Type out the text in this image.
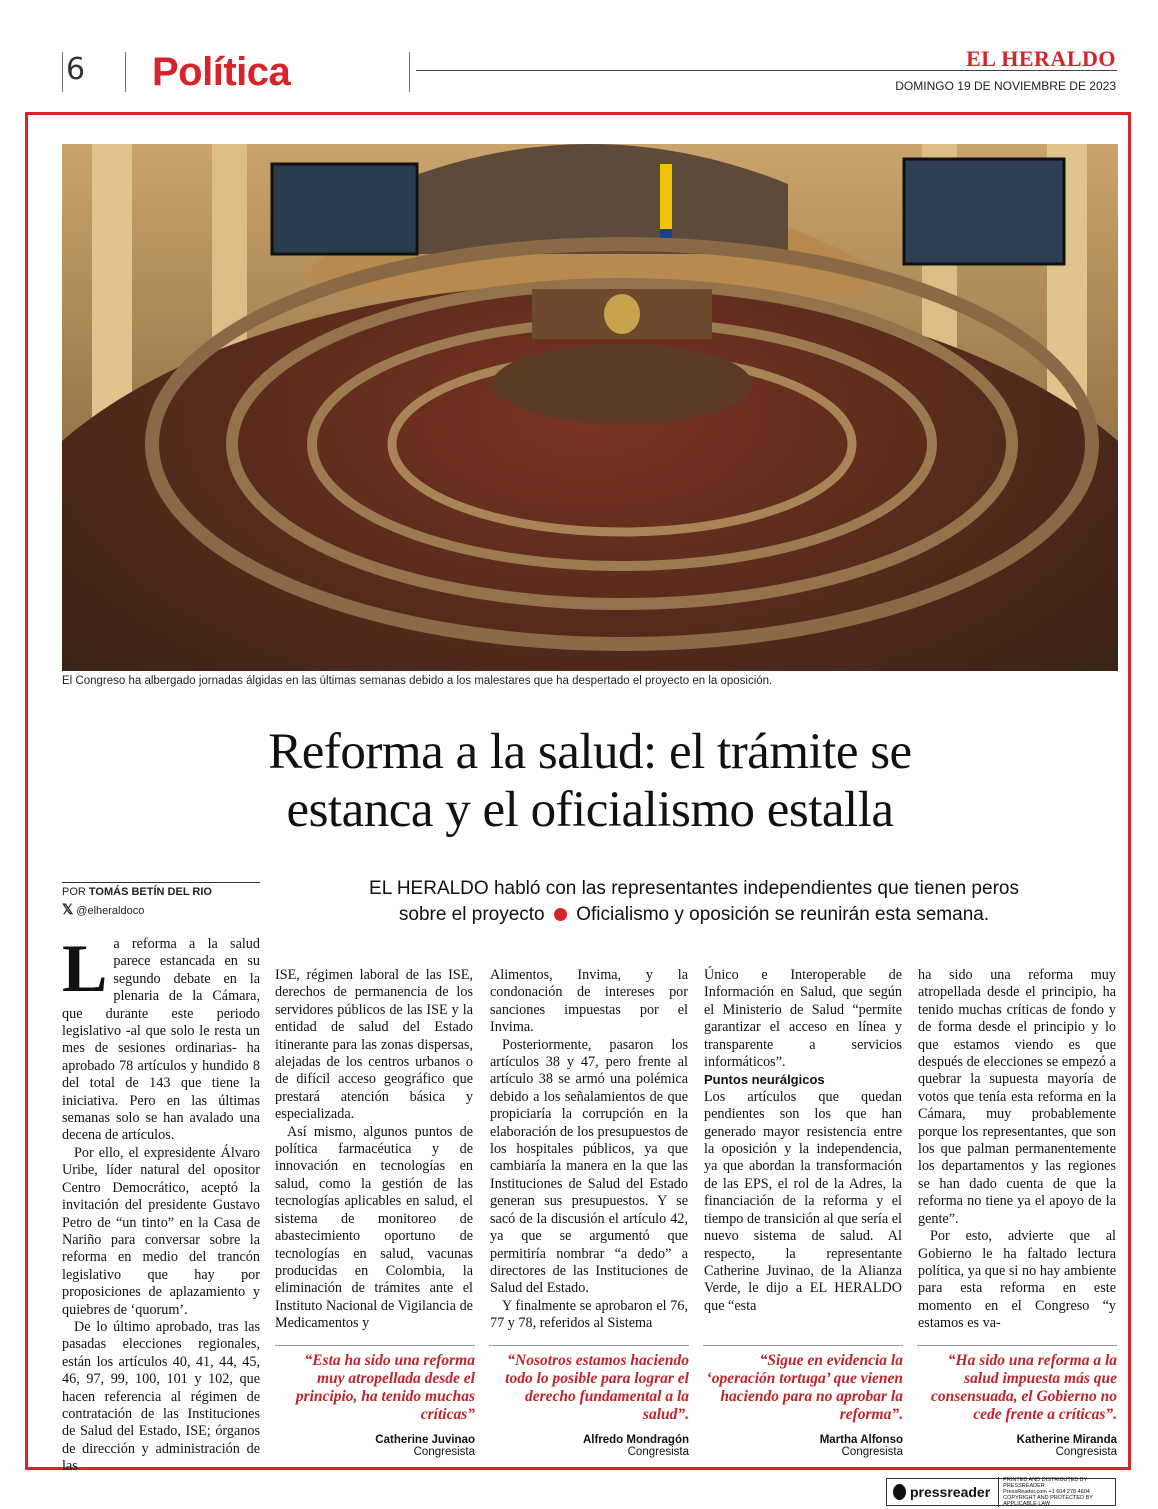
6 Política	EL HERALDO
DOMINGO 19 DE NOVIEMBRE DE 2023
El Congreso ha albergado jornadas álgidas en las últimas semanas debido a los malestares que ha despertado el proyecto en la oposición.
Reforma a la salud: el trámite se
estanca y el oficialismo estalla
POR TOMÁS BETÍN DEL RIO
𝕏 @elheraldoco
EL HERALDO habló con las representantes independientes que tienen peros
sobre el proyecto Oficialismo y oposición se reunirán esta semana.

La reforma a la salud parece estancada en su segundo debate en la plenaria de la Cámara, que durante este periodo legislativo -al que solo le resta un mes de sesiones ordinarias- ha aprobado 78 artículos y hundido 8 del total de 143 que tiene la iniciativa. Pero en las últimas semanas solo se han avalado una decena de artículos.

Por ello, el expresidente Álvaro Uribe, líder natural del opositor Centro Democrático, aceptó la invitación del presidente Gustavo Petro de “un tinto” en la Casa de Nariño para conversar sobre la reforma en medio del trancón legislativo que hay por proposiciones de aplazamiento y quiebres de ‘quorum’.

De lo último aprobado, tras las pasadas elecciones regionales, están los artículos 40, 41, 44, 45, 46, 97, 99, 100, 101 y 102, que hacen referencia al régimen de contratación de las Instituciones de Salud del Estado, ISE; órganos de dirección y administración de las

ISE, régimen laboral de las ISE, derechos de permanencia de los servidores públicos de las ISE y la entidad de salud del Estado itinerante para las zonas dispersas, alejadas de los centros urbanos o de difícil acceso geográfico que prestará atención básica y especializada.

Así mismo, algunos puntos de política farmacéutica y de innovación en tecnologías en salud, como la gestión de las tecnologías aplicables en salud, el sistema de monitoreo de abastecimiento oportuno de tecnologías en salud, vacunas producidas en Colombia, la eliminación de trámites ante el Instituto Nacional de Vigilancia de Medicamentos y

Alimentos, Invima, y la condonación de intereses por sanciones impuestas por el Invima.

Posteriormente, pasaron los artículos 38 y 47, pero frente al artículo 38 se armó una polémica debido a los señalamientos de que propiciaría la corrupción en la elaboración de los presupuestos de los hospitales públicos, ya que cambiaría la manera en la que las Instituciones de Salud del Estado generan sus presupuestos. Y se sacó de la discusión el artículo 42, ya que se argumentó que permitiría nombrar “a dedo” a directores de las Instituciones de Salud del Estado.

Y finalmente se aprobaron el 76, 77 y 78, referidos al Sistema

Único e Interoperable de Información en Salud, que según el Ministerio de Salud “permite garantizar el acceso en línea y transparente a servicios informáticos”.

Puntos neurálgicos

Los artículos que quedan pendientes son los que han generado mayor resistencia entre la oposición y la independencia, ya que abordan la transformación de las EPS, el rol de la Adres, la financiación de la reforma y el tiempo de transición al que sería el nuevo sistema de salud. Al respecto, la representante Catherine Juvinao, de la Alianza Verde, le dijo a EL HERALDO que “esta

ha sido una reforma muy atropellada desde el principio, ha tenido muchas críticas de fondo y de forma desde el principio y lo que estamos viendo es que después de elecciones se empezó a quebrar la supuesta mayoría de votos que tenía esta reforma en la Cámara, muy probablemente porque los representantes, que son los que palman permanentemente los departamentos y las regiones se han dado cuenta de que la reforma no tiene ya el apoyo de la gente”.

Por esto, advierte que al Gobierno le ha faltado lectura política, ya que si no hay ambiente para esta reforma en este momento en el Congreso “y estamos es va-

“Esta ha sido una reforma muy atropellada desde el principio, ha tenido muchas críticas”
Catherine Juvinao
Congresista
“Nosotros estamos haciendo todo lo posible para lograr el derecho fundamental a la salud”.
Alfredo Mondragón
Congresista
“Sigue en evidencia la ‘operación tortuga’ que vienen haciendo para no aprobar la reforma”.
Martha Alfonso
Congresista
“Ha sido una reforma a la salud impuesta más que consensuada, el Gobierno no cede frente a críticas”.
Katherine Miranda
Congresista
pressreader
PRINTED AND DISTRIBUTED BY PRESSREADER
PressReader.com +1 604 278 4604
COPYRIGHT AND PROTECTED BY APPLICABLE LAW
